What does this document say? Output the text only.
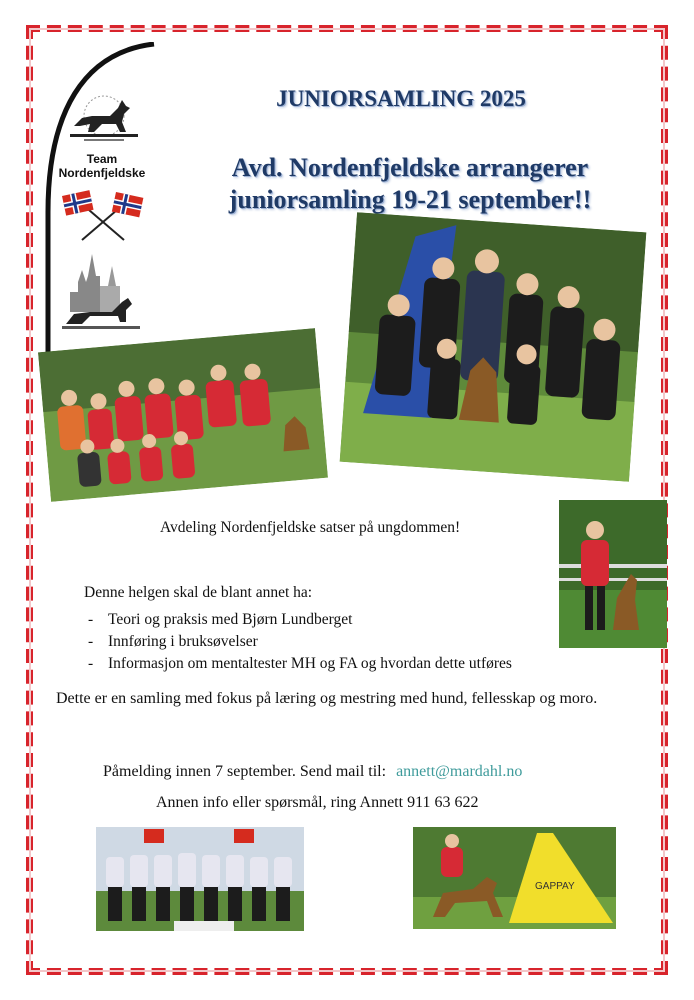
Team
Nordenfjeldske
JUNIORSAMLING 2025
Avd. Nordenfjeldske arrangerer
juniorsamling 19-21 september!!
Avdeling Nordenfjeldske satser på ungdommen!
Denne helgen skal de blant annet ha:
- Teori og praksis med Bjørn Lundberget
- Innføring i bruksøvelser
- Informasjon om mentaltester MH og FA og hvordan dette utføres
Dette er en samling med fokus på læring og mestring med hund, fellesskap og moro.
Påmelding innen 7 september. Send mail til: annett@mardahl.no
Annen info eller spørsmål, ring Annett 911 63 622
GAPPAY
